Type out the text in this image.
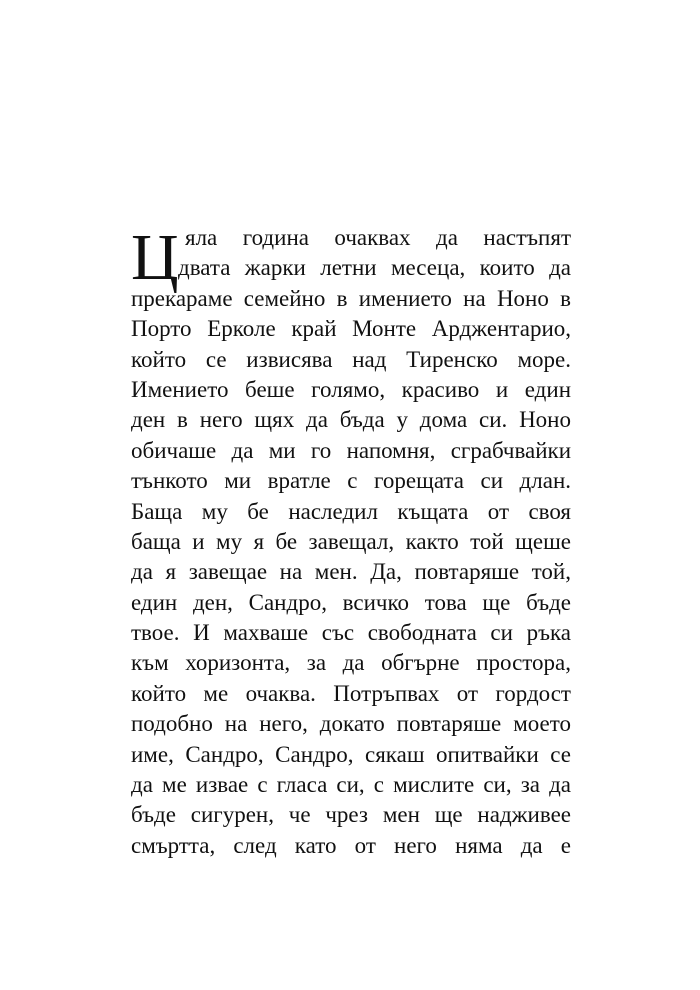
Ц яла година очаквах да настъпят
двата жарки летни месеца, които да
прекараме семейно в имението на Ноно в
Порто Ерколе край Монте Арджентарио,
който се извисява над Тиренско море.
Имението беше голямо, красиво и един
ден в него щях да бъда у дома си. Ноно
обичаше да ми го напомня, сграбчвайки
тънкото ми вратле с горещата си длан.
Баща му бе наследил къщата от своя
баща и му я бе завещал, както той щеше
да я завещае на мен. Да, повтаряше той,
един ден, Сандро, всичко това ще бъде
твое. И махваше със свободната си ръка
към хоризонта, за да обгърне простора,
който ме очаква. Потръпвах от гордост
подобно на него, докато повтаряше моето
име, Сандро, Сандро, сякаш опитвайки се
да ме извае с гласа си, с мислите си, за да
бъде сигурен, че чрез мен ще надживее
смъртта, след като от него няма да е
